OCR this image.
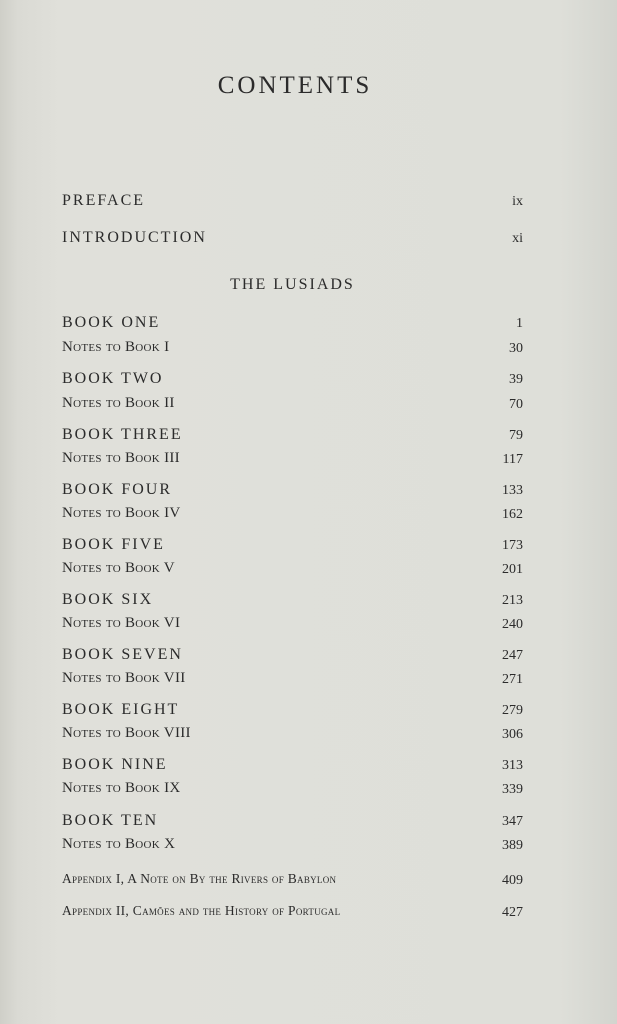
CONTENTS
PREFACE	ix
INTRODUCTION	xi
THE LUSIADS
BOOK ONE	1
Notes to Book I	30
BOOK TWO	39
Notes to Book II	70
BOOK THREE	79
Notes to Book III	117
BOOK FOUR	133
Notes to Book IV	162
BOOK FIVE	173
Notes to Book V	201
BOOK SIX	213
Notes to Book VI	240
BOOK SEVEN	247
Notes to Book VII	271
BOOK EIGHT	279
Notes to Book VIII	306
BOOK NINE	313
Notes to Book IX	339
BOOK TEN	347
Notes to Book X	389
Appendix I, A Note on By the Rivers of Babylon	409
Appendix II, Camões and the History of Portugal	427
